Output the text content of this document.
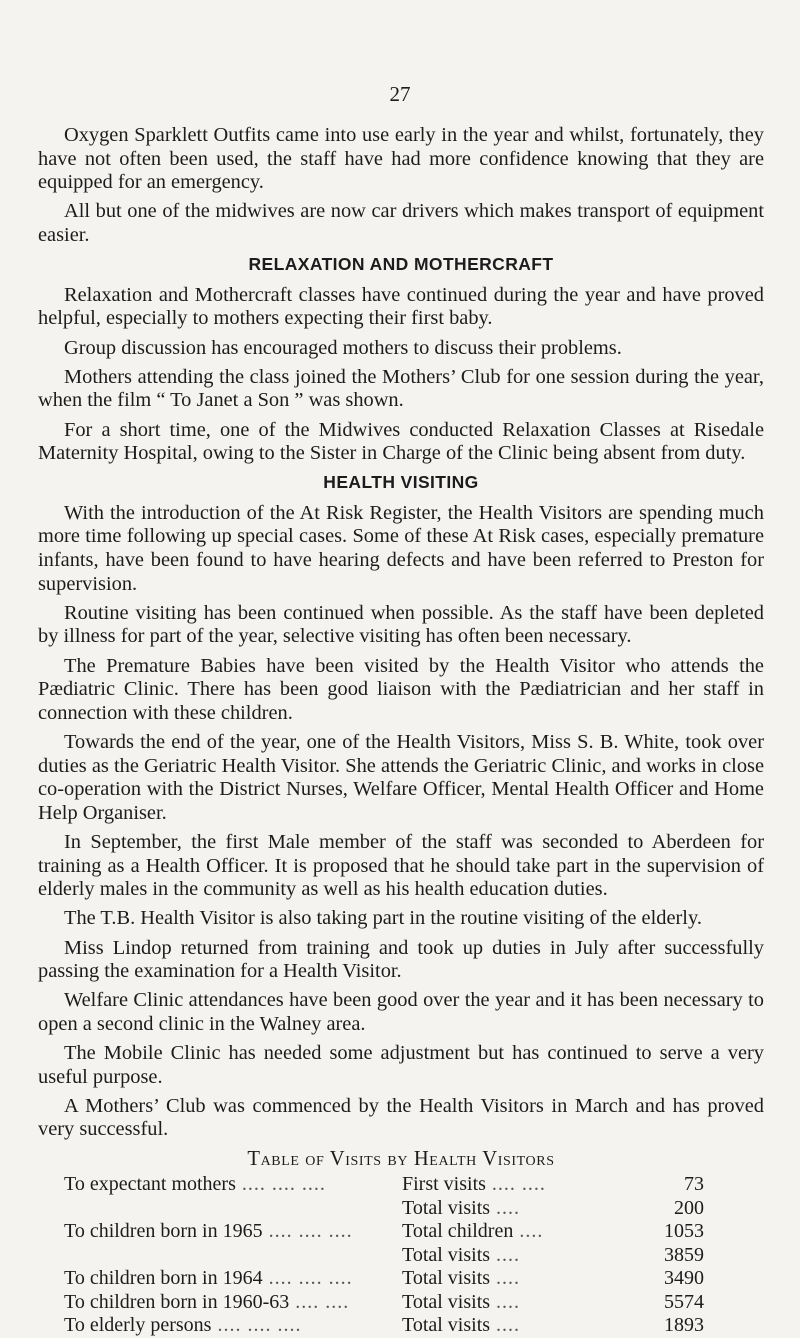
27

Oxygen Sparklett Outfits came into use early in the year and whilst, fortunately, they have not often been used, the staff have had more confidence knowing that they are equipped for an emergency.

All but one of the midwives are now car drivers which makes transport of equipment easier.

RELAXATION AND MOTHERCRAFT

Relaxation and Mothercraft classes have continued during the year and have proved helpful, especially to mothers expecting their first baby.

Group discussion has encouraged mothers to discuss their problems.

Mothers attending the class joined the Mothers’ Club for one session during the year, when the film “ To Janet a Son ” was shown.

For a short time, one of the Midwives conducted Relaxation Classes at Risedale Maternity Hospital, owing to the Sister in Charge of the Clinic being absent from duty.

HEALTH VISITING

With the introduction of the At Risk Register, the Health Visitors are spending much more time following up special cases. Some of these At Risk cases, especially premature infants, have been found to have hearing defects and have been referred to Preston for supervision.

Routine visiting has been continued when possible. As the staff have been depleted by illness for part of the year, selective visiting has often been necessary.

The Premature Babies have been visited by the Health Visitor who attends the Pædiatric Clinic. There has been good liaison with the Pædiatrician and her staff in connection with these children.

Towards the end of the year, one of the Health Visitors, Miss S. B. White, took over duties as the Geriatric Health Visitor. She attends the Geriatric Clinic, and works in close co-operation with the District Nurses, Welfare Officer, Mental Health Officer and Home Help Organiser.

In September, the first Male member of the staff was seconded to Aberdeen for training as a Health Officer. It is proposed that he should take part in the supervision of elderly males in the community as well as his health education duties.

The T.B. Health Visitor is also taking part in the routine visiting of the elderly.

Miss Lindop returned from training and took up duties in July after successfully passing the examination for a Health Visitor.

Welfare Clinic attendances have been good over the year and it has been necessary to open a second clinic in the Walney area.

The Mobile Clinic has needed some adjustment but has continued to serve a very useful purpose.

A Mothers’ Club was commenced by the Health Visitors in March and has proved very successful.

Table of Visits by Health Visitors
To expectant mothers .... .... ....	First visits .... ....	73
	Total visits ....	200
To children born in 1965 .... .... ....	Total children ....	1053
	Total visits ....	3859
To children born in 1964 .... .... ....	Total visits ....	3490
To children born in 1960-63 .... ....	Total visits ....	5574
To elderly persons .... .... ....	Total visits ....	1893
